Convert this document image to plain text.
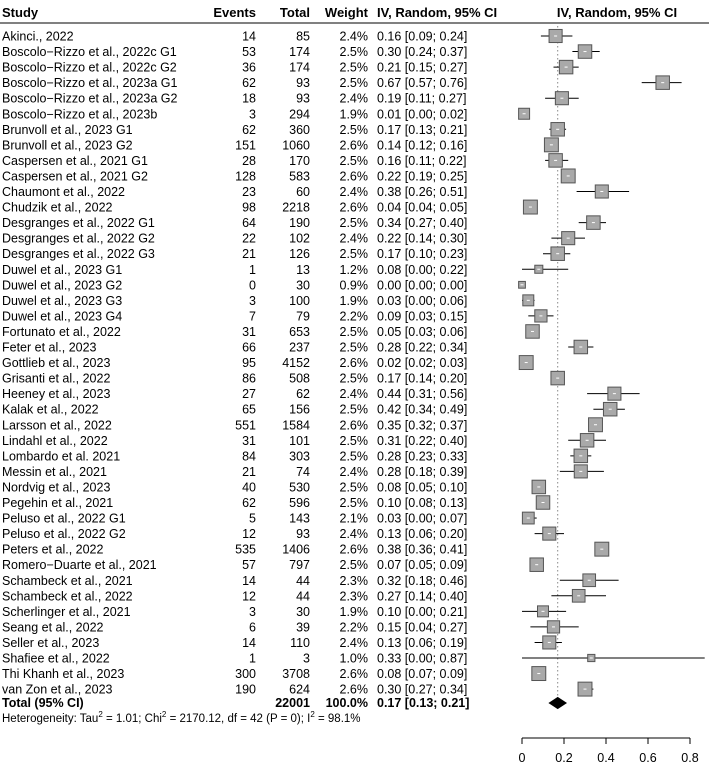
Study	Events Total Weight IV, Random, 95% CI	IV, Random, 95% CI
Akinci., 2022	14	85 2.4% 0.16 [0.09; 0.24]
Boscolo−Rizzo et al., 2022c G1	53	174 2.5% 0.30 [0.24; 0.37]
Boscolo−Rizzo et al., 2022c G2	36	174 2.5% 0.21 [0.15; 0.27]
Boscolo−Rizzo et al., 2023a G1	62	93 2.5% 0.67 [0.57; 0.76]
Boscolo−Rizzo et al., 2023a G2	18	93 2.4% 0.19 [0.11; 0.27]
Boscolo−Rizzo et al., 2023b	3	294 1.9% 0.01 [0.00; 0.02]
Brunvoll et al., 2023 G1	62	360 2.5% 0.17 [0.13; 0.21]
Brunvoll et al., 2023 G2	151 1060 2.6% 0.14 [0.12; 0.16]
Caspersen et al., 2021 G1	28	170 2.5% 0.16 [0.11; 0.22]
Caspersen et al., 2021 G2	128	583 2.6% 0.22 [0.19; 0.25]
Chaumont et al., 2022	23	60 2.4% 0.38 [0.26; 0.51]
Chudzik et al., 2022	98 2218 2.6% 0.04 [0.04; 0.05]
Desgranges et al., 2022 G1	64	190 2.5% 0.34 [0.27; 0.40]
Desgranges et al., 2022 G2	22	102 2.4% 0.22 [0.14; 0.30]
Desgranges et al., 2022 G3	21	126 2.5% 0.17 [0.10; 0.23]
Duwel et al., 2023 G1	1	13 1.2% 0.08 [0.00; 0.22]
Duwel et al., 2023 G2	0	30 0.9% 0.00 [0.00; 0.00]
Duwel et al., 2023 G3	3	100 1.9% 0.03 [0.00; 0.06]
Duwel et al., 2023 G4	7	79 2.2% 0.09 [0.03; 0.15]
Fortunato et al., 2022	31	653 2.5% 0.05 [0.03; 0.06]
Feter et al., 2023	66	237 2.5% 0.28 [0.22; 0.34]
Gottlieb et al., 2023	95 4152 2.6% 0.02 [0.02; 0.03]
Grisanti et al., 2022	86	508 2.5% 0.17 [0.14; 0.20]
Heeney et al., 2023	27	62 2.4% 0.44 [0.31; 0.56]
Kalak et al., 2022	65	156 2.5% 0.42 [0.34; 0.49]
Larsson et al., 2022	551 1584 2.6% 0.35 [0.32; 0.37]
Lindahl et al., 2022	31	101 2.5% 0.31 [0.22; 0.40]
Lombardo et al. 2021	84	303 2.5% 0.28 [0.23; 0.33]
Messin et al., 2021	21	74 2.4% 0.28 [0.18; 0.39]
Nordvig et al., 2023	40	530 2.5% 0.08 [0.05; 0.10]
Pegehin et al., 2021	62	596 2.5% 0.10 [0.08; 0.13]
Peluso et al., 2022 G1	5	143 2.1% 0.03 [0.00; 0.07]
Peluso et al., 2022 G2	12	93 2.4% 0.13 [0.06; 0.20]
Peters et al., 2022	535 1406 2.6% 0.38 [0.36; 0.41]
Romero−Duarte et al., 2021	57	797 2.5% 0.07 [0.05; 0.09]
Schambeck et al., 2021	14	44 2.3% 0.32 [0.18; 0.46]
Schambeck et al., 2022	12	44 2.3% 0.27 [0.14; 0.40]
Scherlinger et al., 2021	3	30 1.9% 0.10 [0.00; 0.21]
Seang et al., 2022	6	39 2.2% 0.15 [0.04; 0.27]
Seller et al., 2023	14	110 2.4% 0.13 [0.06; 0.19]
Shafiee et al., 2022	1	3 1.0% 0.33 [0.00; 0.87]
Thi Khanh et al., 2023	300 3708 2.6% 0.08 [0.07; 0.09]
van Zon et al., 2023	190	624 2.6% 0.30 [0.27; 0.34]
Total (95% CI)	22001 100.0% 0.17 [0.13; 0.21]
Heterogeneity: Tau$^2$ = 1.01; Chi$^2$ = 2170.12, df = 42 (P = 0); $I^2 = 98.1\%$
0 0.2 0.4 0.6 0.8
